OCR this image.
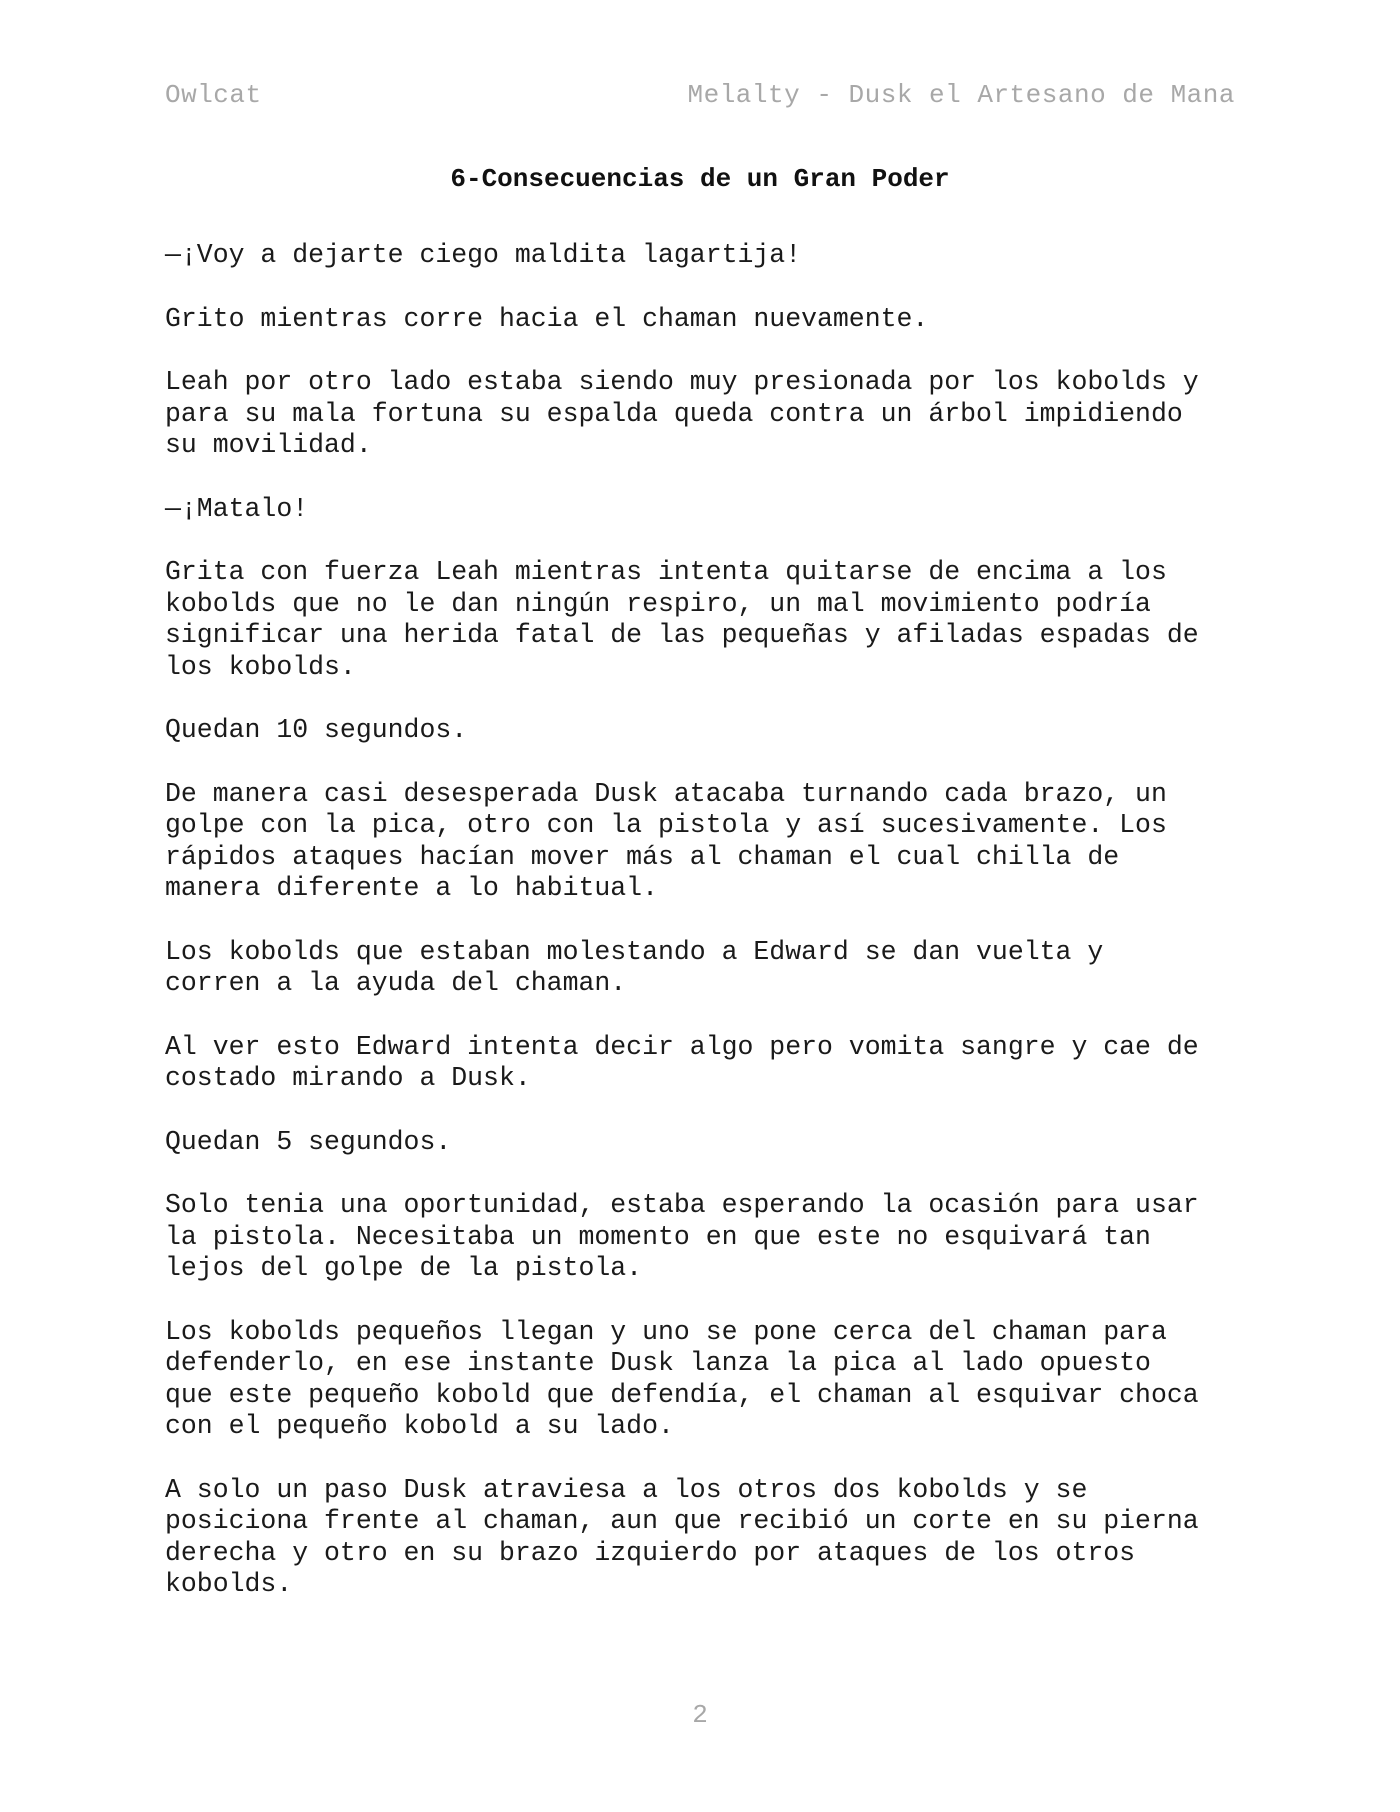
Owlcat	Melalty - Dusk el Artesano de Mana
6-Consecuencias de un Gran Poder

—¡Voy a dejarte ciego maldita lagartija!

Grito mientras corre hacia el chaman nuevamente.

Leah por otro lado estaba siendo muy presionada por los kobolds y
para su mala fortuna su espalda queda contra un árbol impidiendo
su movilidad.

—¡Matalo!

Grita con fuerza Leah mientras intenta quitarse de encima a los
kobolds que no le dan ningún respiro, un mal movimiento podría
significar una herida fatal de las pequeñas y afiladas espadas de
los kobolds.

Quedan 10 segundos.

De manera casi desesperada Dusk atacaba turnando cada brazo, un
golpe con la pica, otro con la pistola y así sucesivamente. Los
rápidos ataques hacían mover más al chaman el cual chilla de
manera diferente a lo habitual.

Los kobolds que estaban molestando a Edward se dan vuelta y
corren a la ayuda del chaman.

Al ver esto Edward intenta decir algo pero vomita sangre y cae de
costado mirando a Dusk.

Quedan 5 segundos.

Solo tenia una oportunidad, estaba esperando la ocasión para usar
la pistola. Necesitaba un momento en que este no esquivará tan
lejos del golpe de la pistola.

Los kobolds pequeños llegan y uno se pone cerca del chaman para
defenderlo, en ese instante Dusk lanza la pica al lado opuesto
que este pequeño kobold que defendía, el chaman al esquivar choca
con el pequeño kobold a su lado.

A solo un paso Dusk atraviesa a los otros dos kobolds y se
posiciona frente al chaman, aun que recibió un corte en su pierna
derecha y otro en su brazo izquierdo por ataques de los otros
kobolds.

2
